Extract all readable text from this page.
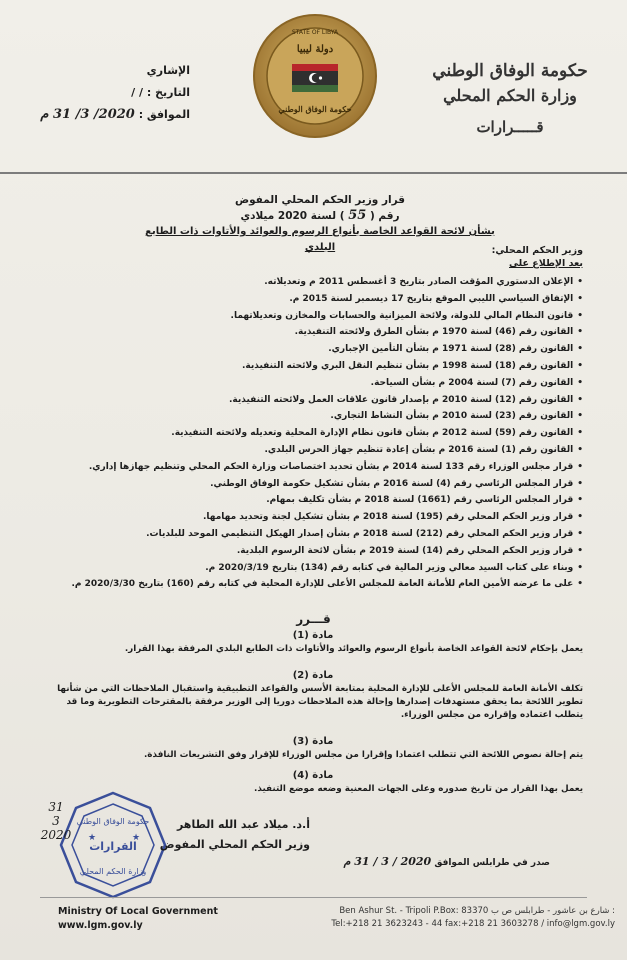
STATE OF LIBYA
دولة ليبيا
حكومة الوفاق الوطني
حكومة الوفاق الوطني
وزارة الحكم المحلي
قـــــرارات
الإشاري
التاريخ : / /
الموافق : 2020/ 3/ 31 م
قرار وزير الحكم المحلي المفوض
رقم ( 55 ) لسنة 2020 ميلادي
بشأن لائحة القواعد الخاصة بأنواع الرسوم والعوائد والأتاوات ذات الطابع البلدي	وزير الحكم المحلي:
بعد الإطلاع على
•الإعلان الدستوري المؤقت الصادر بتاريخ 3 أغسطس 2011 م وتعديلاته.
•الإتفاق السياسي الليبي الموقع بتاريخ 17 ديسمبر لسنة 2015 م.
•قانون النظام المالي للدولة، ولائحة الميزانية والحسابات والمخازن وتعديلاتهما.
•القانون رقم (46) لسنة 1970 م بشأن الطرق ولائحته التنفيذية.
•القانون رقم (28) لسنة 1971 م بشأن التأمين الإجباري.
•القانون رقم (18) لسنة 1998 م بشأن تنظيم النقل البري ولائحته التنفيذية.
•القانون رقم (7) لسنة 2004 م بشأن السياحة.
•القانون رقم (12) لسنة 2010 م بإصدار قانون علاقات العمل ولائحته التنفيذية.
•القانون رقم (23) لسنة 2010 م بشأن النشاط التجاري.
•القانون رقم (59) لسنة 2012 م بشأن قانون نظام الإدارة المحلية وتعديله ولائحته التنفيذية.
•القانون رقم (1) لسنة 2016 م بشأن إعادة تنظيم جهاز الحرس البلدي.
•قرار مجلس الوزراء رقم 133 لسنة 2014 م بشأن تحديد اختصاصات وزارة الحكم المحلي وتنظيم جهازها إداري.
•قرار المجلس الرئاسي رقم (4) لسنة 2016 م بشأن تشكيل حكومة الوفاق الوطني.
•قرار المجلس الرئاسي رقم (1661) لسنة 2018 م بشأن تكليف بمهام.
•قرار وزير الحكم المحلي رقم (195) لسنة 2018 م بشأن تشكيل لجنة وتحديد مهامها.
•قرار وزير الحكم المحلي رقم (212) لسنة 2018 م بشأن إصدار الهيكل التنظيمي الموحد للبلديات.
•قرار وزير الحكم المحلي رقم (14) لسنة 2019 م بشأن لائحة الرسوم البلدية.
•وبناء على كتاب السيد معالي وزير المالية في كتابه رقم (134) بتاريخ 2020/3/19 م.
•على ما عرضه الأمين العام للأمانة العامة للمجلس الأعلى للإدارة المحلية في كتابه رقم (160) بتاريخ 2020/3/30 م.
قـــرر
مادة (1)
يعمل بإحكام لائحة القواعد الخاصة بأنواع الرسوم والعوائد والأتاوات ذات الطابع البلدي المرفقة بهذا القرار.
مادة (2)
تكلف الأمانة العامة للمجلس الأعلى للإدارة المحلية بمتابعة الأسس والقواعد التطبيقية واستقبال الملاحظات التي من شأنها تطوير اللائحة بما يحقق مستهدفات إصدارها وإحالة هذه الملاحظات دوريا إلى الوزير مرفقة بالمقترحات التطويرية وما قد يتطلب اعتماده وإقراره من مجلس الوزراء.
مادة (3)
يتم إحالة نصوص اللائحة التي تتطلب اعتمادا وإقرارا من مجلس الوزراء للإقرار وفق التشريعات النافذة.
مادة (4)
يعمل بهذا القرار من تاريخ صدوره وعلى الجهات المعنية وضعه موضع التنفيذ.
حكومة الوفاق الوطني
القرارات
وزارة الحكم المحلي
★	★
31
3
2020
أ.د. ميلاد عبد الله الطاهر
وزير الحكم المحلي المفوض
صدر في طرابلس الموافق 2020 / 3 / 31 م
Ministry Of Local Government
www.lgm.gov.ly
Ben Ashur St. - Tripoli P.Box: 83370 شارع بن عاشور - طرابلس ص ب :
Tel:+218 21 3623243 - 44 fax:+218 21 3603278 / info@lgm.gov.ly
